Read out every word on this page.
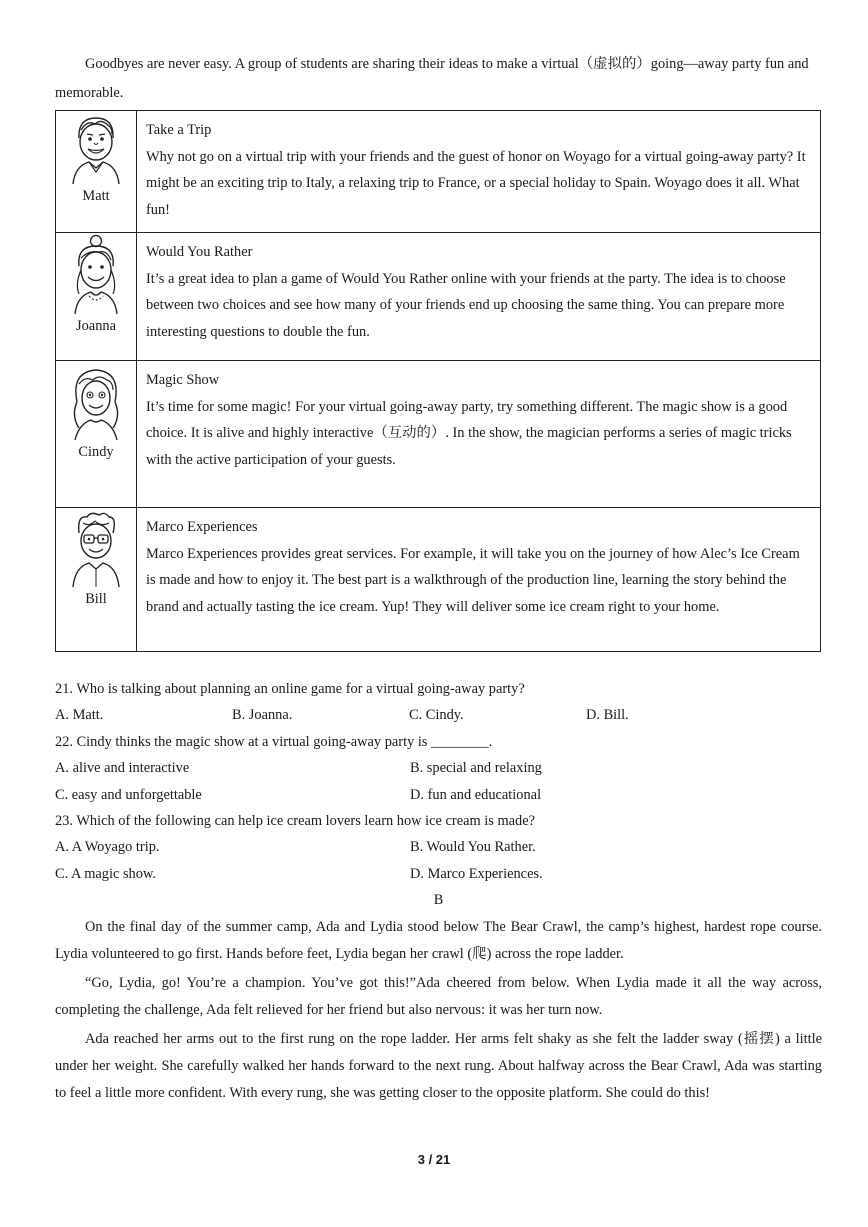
Goodbyes are never easy. A group of students are sharing their ideas to make a virtual（虚拟的）going—away party fun and memorable.

Matt	Take a Trip

Why not go on a virtual trip with your friends and the guest of honor on Woyago for a virtual going-away party? It might be an exciting trip to Italy, a relaxing trip to France, or a special holiday to Spain. Woyago does it all. What fun!

Joanna	Would You Rather

It’s a great idea to plan a game of Would You Rather online with your friends at the party. The idea is to choose between two choices and see how many of your friends end up choosing the same thing. You can prepare more interesting questions to double the fun.

Cindy	Magic Show

It’s time for some magic! For your virtual going-away party, try something different. The magic show is a good choice. It is alive and highly interactive（互动的）. In the show, the magician performs a series of magic tricks with the active participation of your guests.

Bill	Marco Experiences

Marco Experiences provides great services. For example, it will take you on the journey of how Alec’s Ice Cream is made and how to enjoy it. The best part is a walkthrough of the production line, learning the story behind the brand and actually tasting the ice cream. Yup! They will deliver some ice cream right to your home.

21. Who is talking about planning an online game for a virtual going-away party?

A. Matt.	B. Joanna.	C. Cindy.	D. Bill.

22. Cindy thinks the magic show at a virtual going-away party is ________.

A. alive and interactive	B. special and relaxing
C. easy and unforgettable	D. fun and educational

23. Which of the following can help ice cream lovers learn how ice cream is made?

A. A Woyago trip.	B. Would You Rather.
C. A magic show.	D. Marco Experiences.

B

On the final day of the summer camp, Ada and Lydia stood below The Bear Crawl, the camp’s highest, hardest rope course. Lydia volunteered to go first. Hands before feet, Lydia began her crawl (爬) across the rope ladder.

“Go, Lydia, go! You’re a champion. You’ve got this!”Ada cheered from below. When Lydia made it all the way across, completing the challenge, Ada felt relieved for her friend but also nervous: it was her turn now.

Ada reached her arms out to the first rung on the rope ladder. Her arms felt shaky as she felt the ladder sway (摇摆) a little under her weight. She carefully walked her hands forward to the next rung. About halfway across the Bear Crawl, Ada was starting to feel a little more confident. With every rung, she was getting closer to the opposite platform. She could do this!

3 / 21
